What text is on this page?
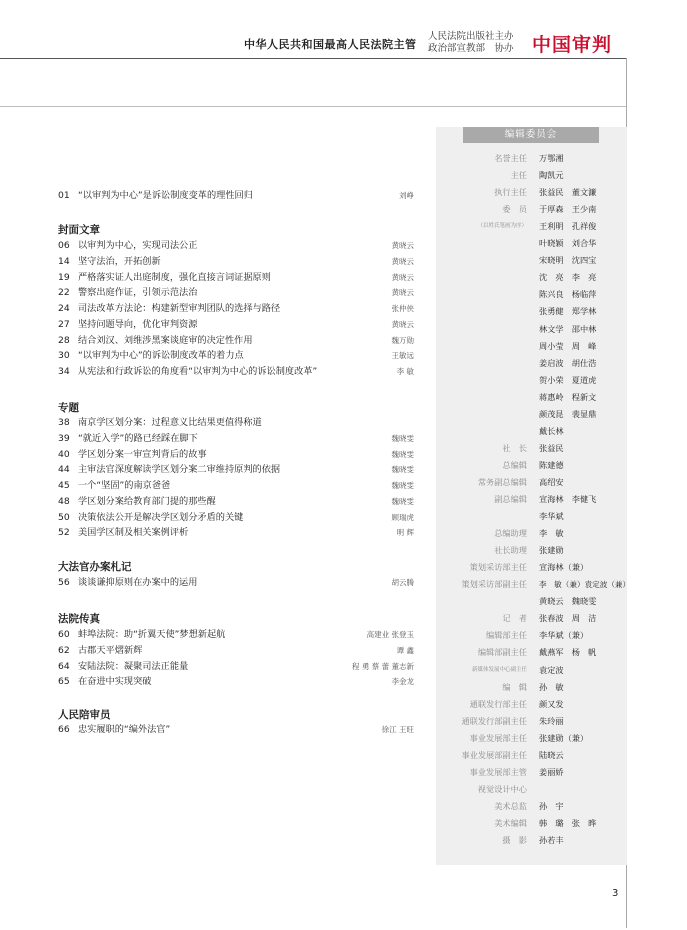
中华人民共和国最高人民法院主管
人民法院出版社主办
政治部宣教部　协办 中国审判
01 “以审判为中心”是诉讼制度变革的理性回归	刘峥
封面文章
06 以审判为中心，实现司法公正	黄晓云
14 坚守法治，开拓创新	黄晓云
19 严格落实证人出庭制度，强化直接言词证据原则	黄晓云
22 警察出庭作证，引领示范法治	黄晓云
24 司法改革方法论：构建新型审判团队的选择与路径	张仲侠
27 坚持问题导向，优化审判资源	黄晓云
28 结合刘汉、刘维涉黑案谈庭审的决定性作用	魏万勋
30 “以审判为中心”的诉讼制度改革的着力点	王敏远
34 从宪法和行政诉讼的角度看“以审判为中心的诉讼制度改革”	李 敏
专题
38 南京学区划分案：过程意义比结果更值得称道
39 “就近入学”的路已经踩在脚下	魏晓雯
40 学区划分案一审宣判背后的故事	魏晓雯
44 主审法官深度解读学区划分案二审维持原判的依据	魏晓雯
45 一个“坚固”的南京爸爸	魏晓雯
48 学区划分案给教育部门提的那些醒	魏晓雯
50 决策依法公开是解决学区划分矛盾的关键	顾瑞虎
52 美国学区制及相关案例评析	明 辉
大法官办案札记
56 谈谈谦抑原则在办案中的运用	胡云腾
法院传真
60 蚌埠法院：助“折翼天使”梦想新起航	高建业 张登玉
62 古郡天平熠新辉	谭 鑫
64 安陆法院：凝聚司法正能量	程 勇 蔡 蕾 董志新
65 在奋进中实现突破	李金龙
人民陪审员
66 忠实履职的“编外法官”	徐江 王旺
编辑委员会
名誉主任 万鄂湘
主任 陶凯元
执行主任 张益民　董文濂
委　员 于厚森　王少南
（以姓氏笔画为序） 王利明　孔祥俊
叶晓颖　刘合华
宋晓明　沈四宝
沈　亮　李　亮
陈兴良　杨临萍
张勇健　郑学林
林文学　邵中林
周小莹　周　峰
姜启波　胡仕浩
贺小荣　夏道虎
蒋惠岭　程新文
颜茂昆　裴显鼎
戴长林
社　长 张益民
总编辑 陈建德
常务副总编辑 高绍安
副总编辑 宣海林　李健飞
李华斌
总编助理 李　敏
社长助理 张建勋
策划采访部主任 宣海林（兼）
策划采访部副主任 李　敏（兼）袁定波（兼）
黄晓云　魏晓雯
记　者 张春波　周　洁
编辑部主任 李华斌（兼）
编辑部副主任 戴燕军　杨　帆
新媒体发展中心副主任 袁定波
编　辑 孙　敏
通联发行部主任 颜又发
通联发行部副主任 朱玲丽
事业发展部主任 张建勋（兼）
事业发展部副主任 陆晓云
事业发展部主管 姜丽娇
视觉设计中心
美术总监 孙　宇
美术编辑 韩　璐　张　晔
摄　影 孙若丰
3
